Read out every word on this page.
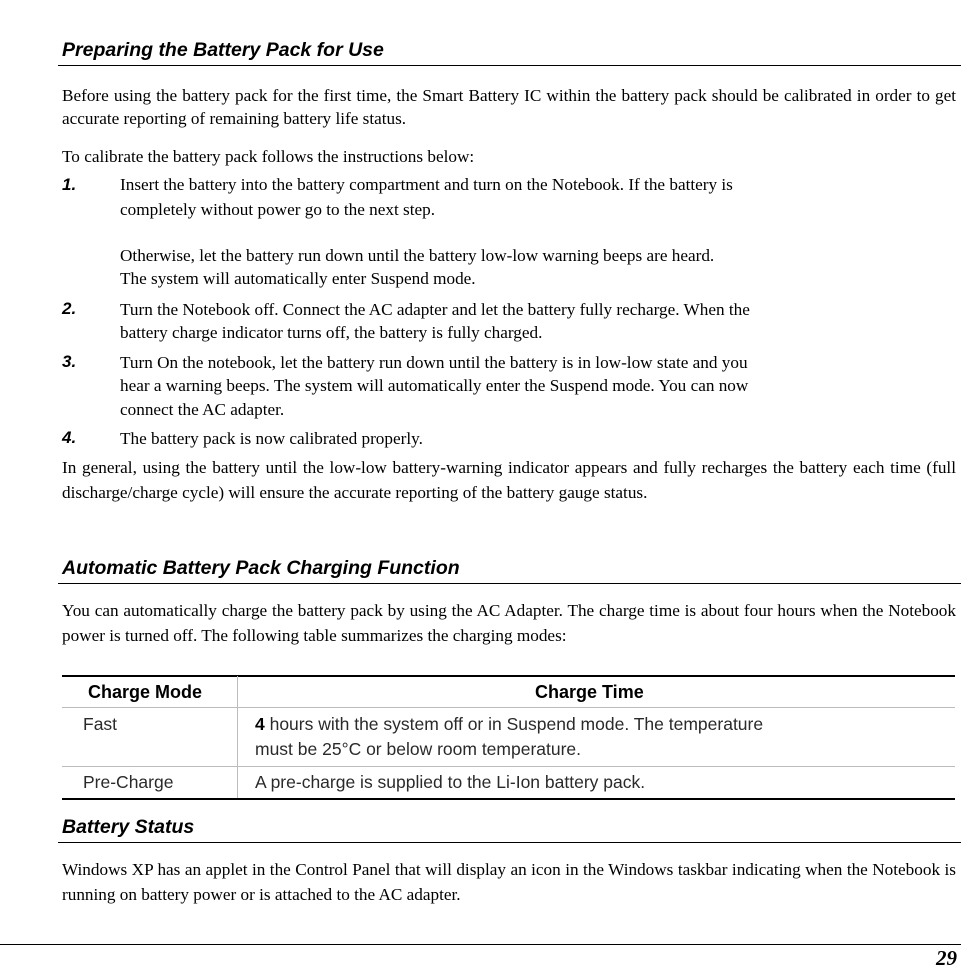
Preparing the Battery Pack for Use

Before using the battery pack for the first time, the Smart Battery IC within the battery pack should be calibrated in order to get accurate reporting of remaining battery life status.

To calibrate the battery pack follows the instructions below:
1.	Insert the battery into the battery compartment and turn on the Notebook. If the battery is
completely without power go to the next step.
Otherwise, let the battery run down until the battery low-low warning beeps are heard.
The system will automatically enter Suspend mode.
2.	Turn the Notebook off. Connect the AC adapter and let the battery fully recharge. When the
battery charge indicator turns off, the battery is fully charged.
3.	Turn On the notebook, let the battery run down until the battery is in low-low state and you
hear a warning beeps. The system will automatically enter the Suspend mode. You can now
connect the AC adapter.
4.	The battery pack is now calibrated properly.

In general, using the battery until the low-low battery-warning indicator appears and fully recharges the battery each time (full discharge/charge cycle) will ensure the accurate reporting of the battery gauge status.

Automatic Battery Pack Charging Function

You can automatically charge the battery pack by using the AC Adapter. The charge time is about four hours when the Notebook power is turned off. The following table summarizes the charging modes:

Charge Mode	Charge Time
Fast	4 hours with the system off or in Suspend mode. The temperature
must be 25°C or below room temperature.
Pre-Charge	A pre-charge is supplied to the Li-Ion battery pack.
Battery Status

Windows XP has an applet in the Control Panel that will display an icon in the Windows taskbar indicating when the Notebook is running on battery power or is attached to the AC adapter.

29
